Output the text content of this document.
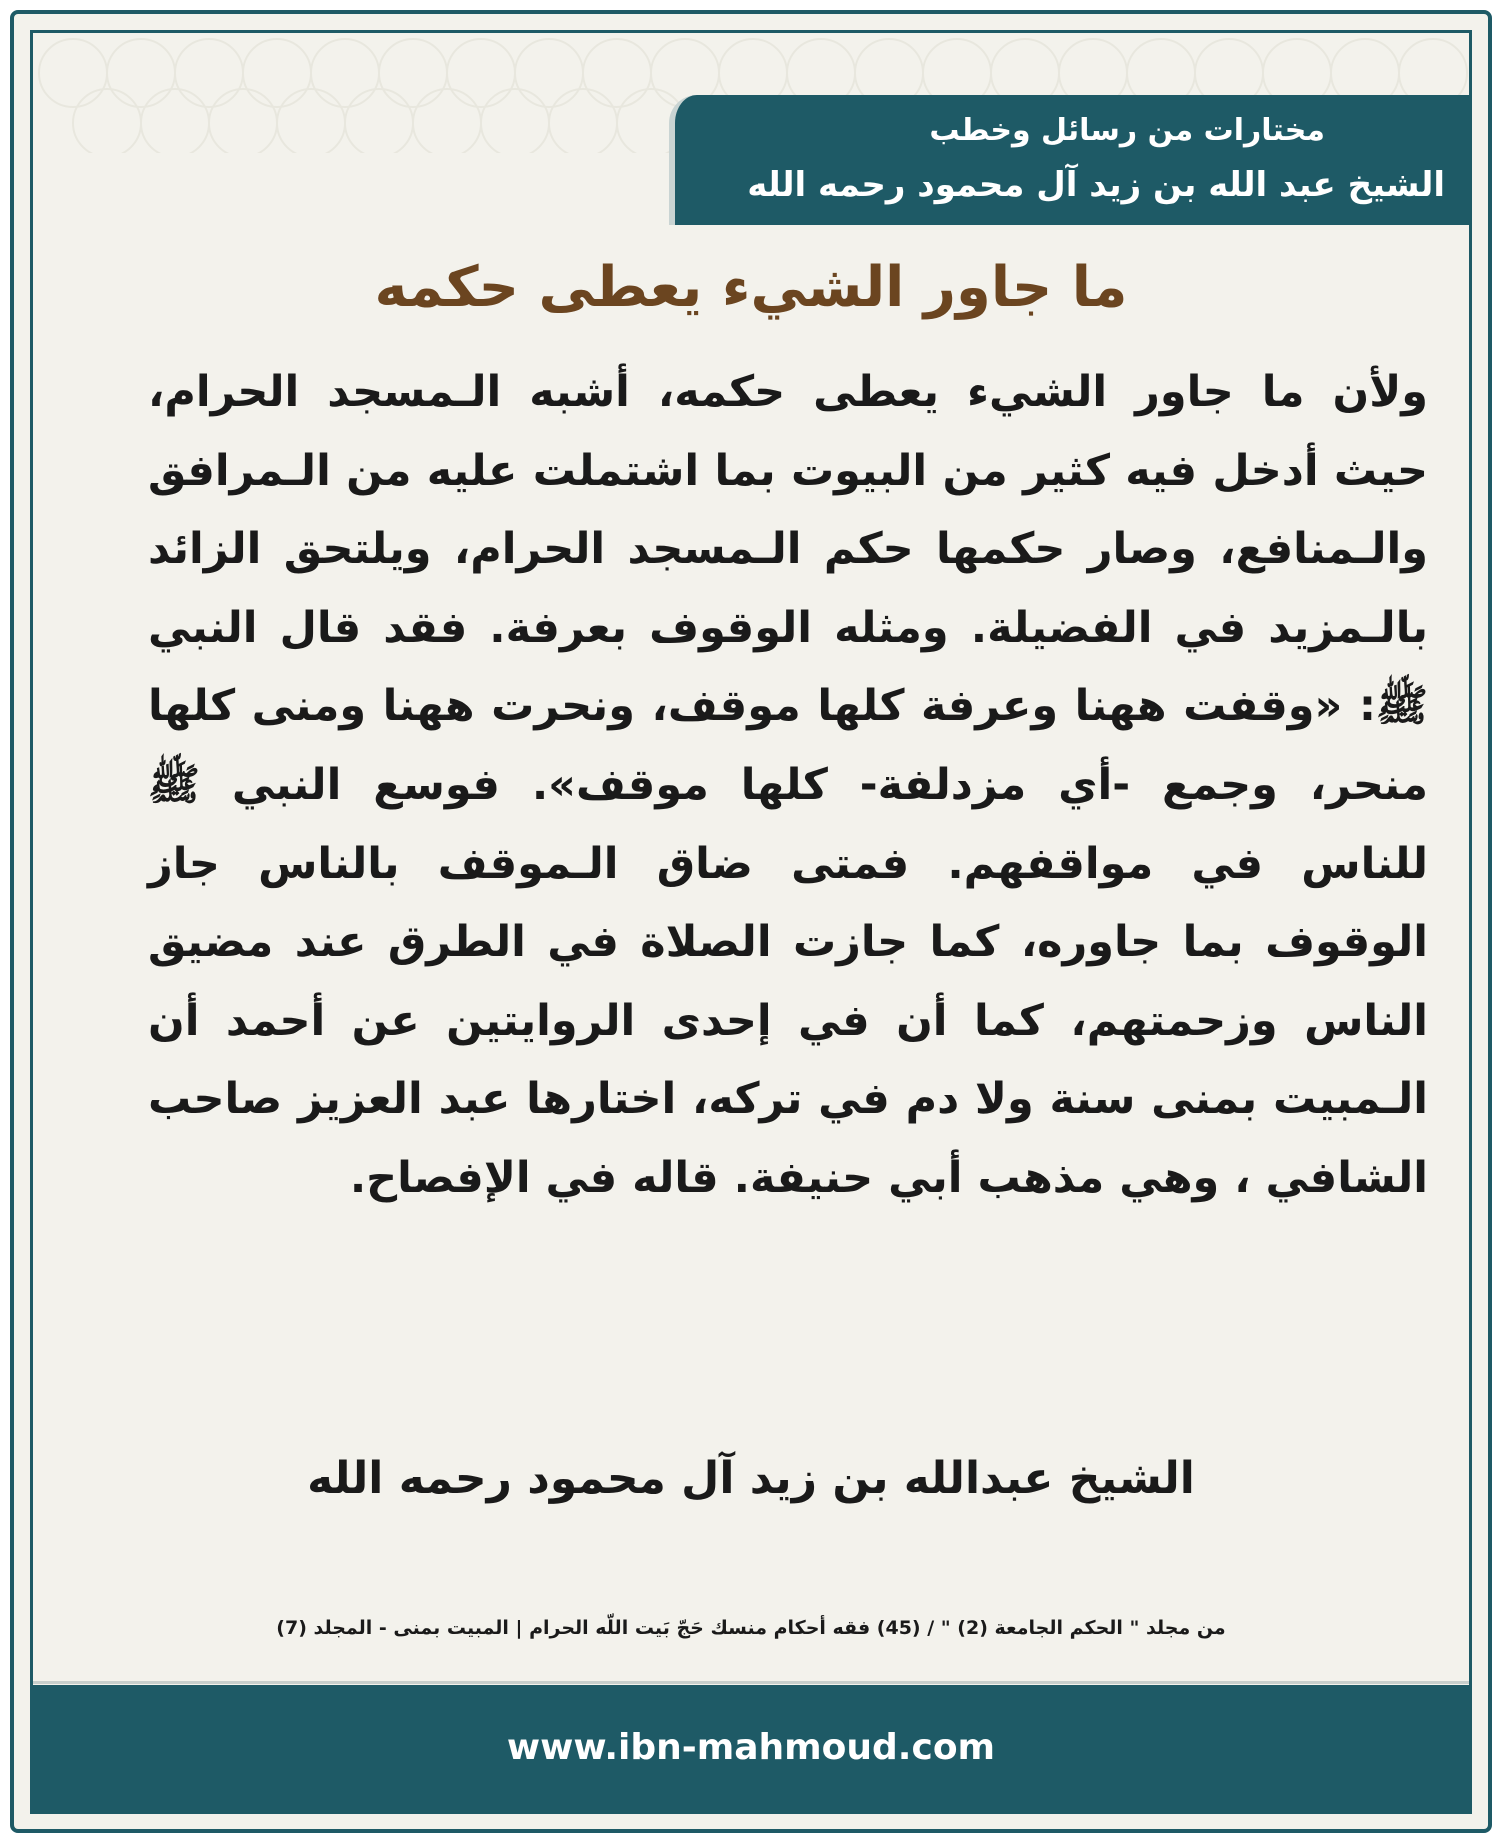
مختارات من رسائل وخطب
الشيخ عبد الله بن زيد آل محمود رحمه الله
ما جاور الشيء يعطى حكمه
ولأن ما جاور الشيء يعطى حكمه، أشبه الـمسجد الحرام، حيث أدخل فيه كثير من البيوت بما اشتملت عليه من الـمرافق والـمنافع، وصار حكمها حكم الـمسجد الحرام، ويلتحق الزائد بالـمزيد في الفضيلة. ومثله الوقوف بعرفة. فقد قال النبي ﷺ: «وقفت ههنا وعرفة كلها موقف، ونحرت ههنا ومنى كلها منحر، وجمع -أي مزدلفة- كلها موقف». فوسع النبي ﷺ للناس في مواقفهم. فمتى ضاق الـموقف بالناس جاز الوقوف بما جاوره، كما جازت الصلاة في الطرق عند مضيق الناس وزحمتهم، كما أن في إحدى الروايتين عن أحمد أن الـمبيت بمنى سنة ولا دم في تركه، اختارها عبد العزيز صاحب الشافي ، وهي مذهب أبي حنيفة. قاله في الإفصاح.
الشيخ عبدالله بن زيد آل محمود رحمه الله
من مجلد " الحكم الجامعة (2) " / (45) فقه أحكام منسك حَجّ بَيت اللّه الحرام | المبيت بمنى - المجلد (7)
www.ibn-mahmoud.com
